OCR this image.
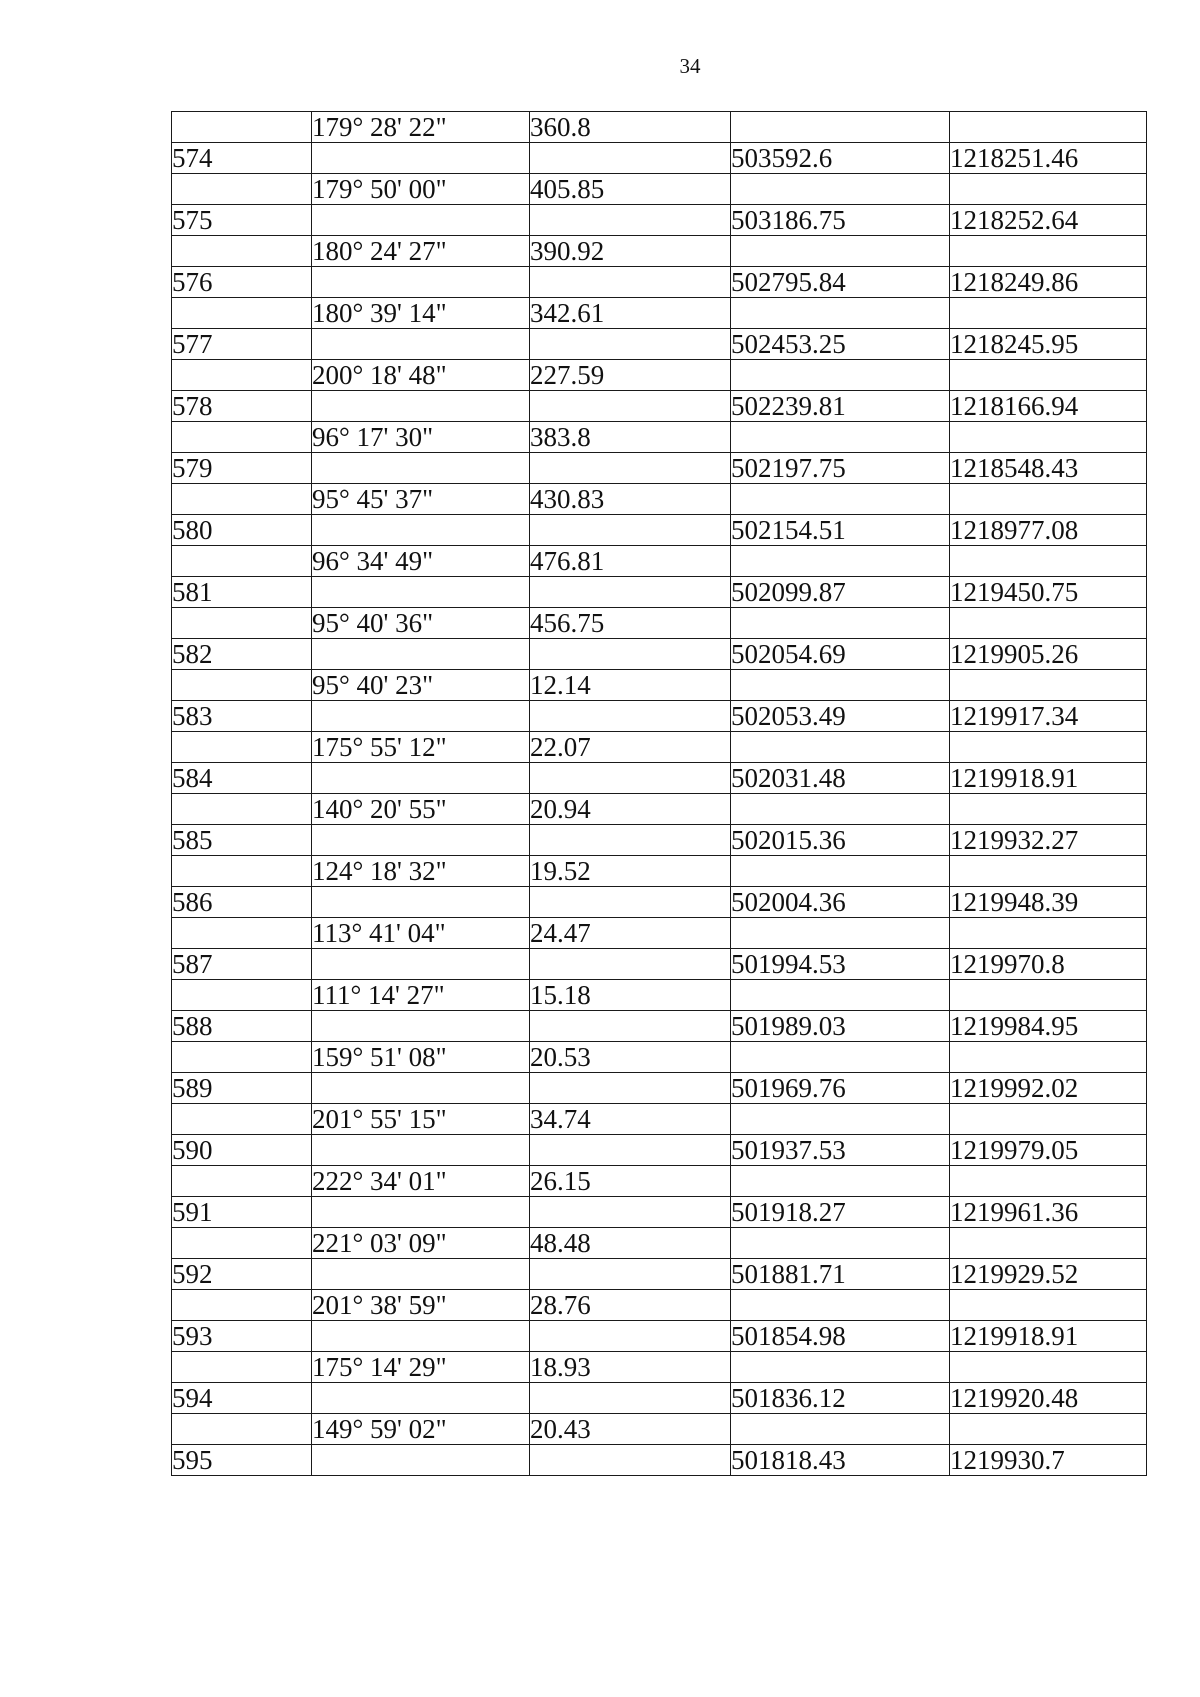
34
	179° 28' 22"	360.8		
574			503592.6	1218251.46
	179° 50' 00"	405.85		
575			503186.75	1218252.64
	180° 24' 27"	390.92		
576			502795.84	1218249.86
	180° 39' 14"	342.61		
577			502453.25	1218245.95
	200° 18' 48"	227.59		
578			502239.81	1218166.94
	96° 17' 30"	383.8		
579			502197.75	1218548.43
	95° 45' 37"	430.83		
580			502154.51	1218977.08
	96° 34' 49"	476.81		
581			502099.87	1219450.75
	95° 40' 36"	456.75		
582			502054.69	1219905.26
	95° 40' 23"	12.14		
583			502053.49	1219917.34
	175° 55' 12"	22.07		
584			502031.48	1219918.91
	140° 20' 55"	20.94		
585			502015.36	1219932.27
	124° 18' 32"	19.52		
586			502004.36	1219948.39
	113° 41' 04"	24.47		
587			501994.53	1219970.8
	111° 14' 27"	15.18		
588			501989.03	1219984.95
	159° 51' 08"	20.53		
589			501969.76	1219992.02
	201° 55' 15"	34.74		
590			501937.53	1219979.05
	222° 34' 01"	26.15		
591			501918.27	1219961.36
	221° 03' 09"	48.48		
592			501881.71	1219929.52
	201° 38' 59"	28.76		
593			501854.98	1219918.91
	175° 14' 29"	18.93		
594			501836.12	1219920.48
	149° 59' 02"	20.43		
595			501818.43	1219930.7
